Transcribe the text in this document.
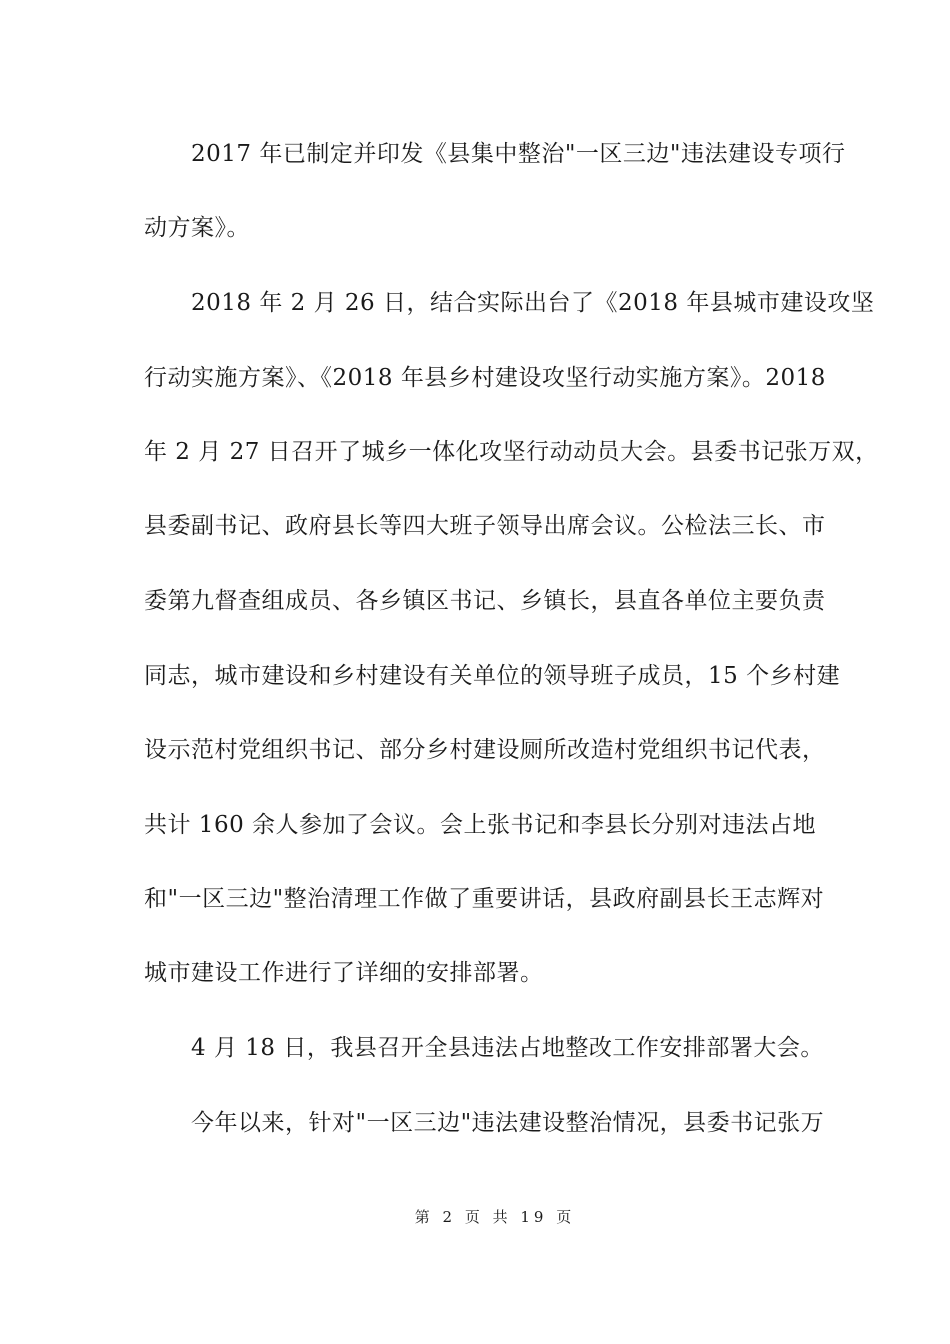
　　2017 年已制定并印发《县集中整治"一区三边"违法建设专项行
动方案》。
　　2018 年 2 月 26 日，结合实际出台了《2018 年县城市建设攻坚
行动实施方案》、《2018 年县乡村建设攻坚行动实施方案》。2018
年 2 月 27 日召开了城乡一体化攻坚行动动员大会。县委书记张万双，
县委副书记、政府县长等四大班子领导出席会议。公检法三长、市
委第九督查组成员、各乡镇区书记、乡镇长，县直各单位主要负责
同志，城市建设和乡村建设有关单位的领导班子成员，15 个乡村建
设示范村党组织书记、部分乡村建设厕所改造村党组织书记代表，
共计 160 余人参加了会议。会上张书记和李县长分别对违法占地
和"一区三边"整治清理工作做了重要讲话，县政府副县长王志辉对
城市建设工作进行了详细的安排部署。
　　4 月 18 日，我县召开全县违法占地整改工作安排部署大会。
　　今年以来，针对"一区三边"违法建设整治情况，县委书记张万
第 2 页 共 19 页
